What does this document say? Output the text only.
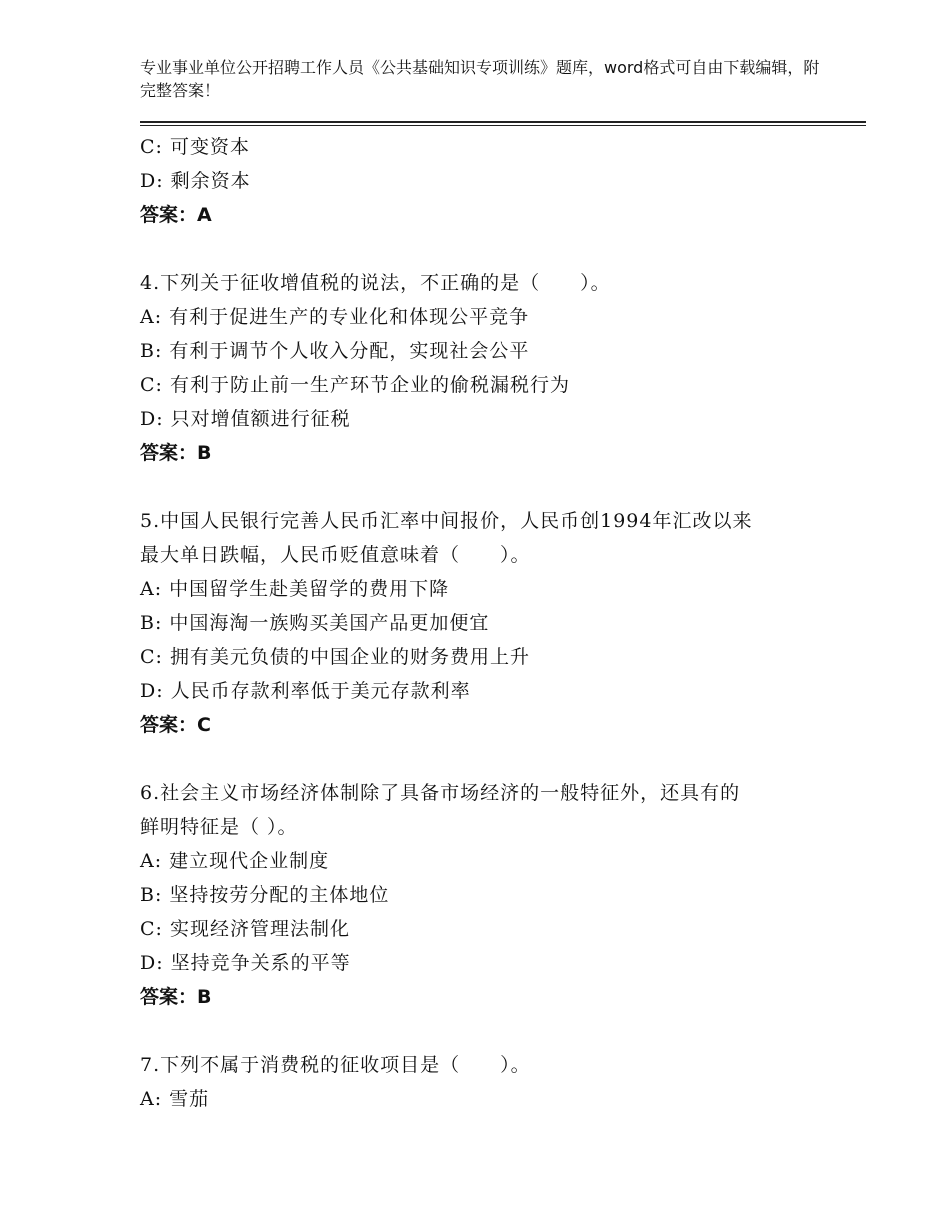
专业事业单位公开招聘工作人员《公共基础知识专项训练》题库，word格式可自由下载编辑，附完整答案！
C: 可变资本
D: 剩余资本
答案：A
4.下列关于征收增值税的说法，不正确的是（　　）。
A: 有利于促进生产的专业化和体现公平竞争
B: 有利于调节个人收入分配，实现社会公平
C: 有利于防止前一生产环节企业的偷税漏税行为
D: 只对增值额进行征税
答案：B
5.中国人民银行完善人民币汇率中间报价，人民币创1994年汇改以来
最大单日跌幅，人民币贬值意味着（　　）。
A: 中国留学生赴美留学的费用下降
B: 中国海淘一族购买美国产品更加便宜
C: 拥有美元负债的中国企业的财务费用上升
D: 人民币存款利率低于美元存款利率
答案：C
6.社会主义市场经济体制除了具备市场经济的一般特征外，还具有的
鲜明特征是（ ）。
A: 建立现代企业制度
B: 坚持按劳分配的主体地位
C: 实现经济管理法制化
D: 坚持竞争关系的平等
答案：B
7.下列不属于消费税的征收项目是（　　）。
A: 雪茄
